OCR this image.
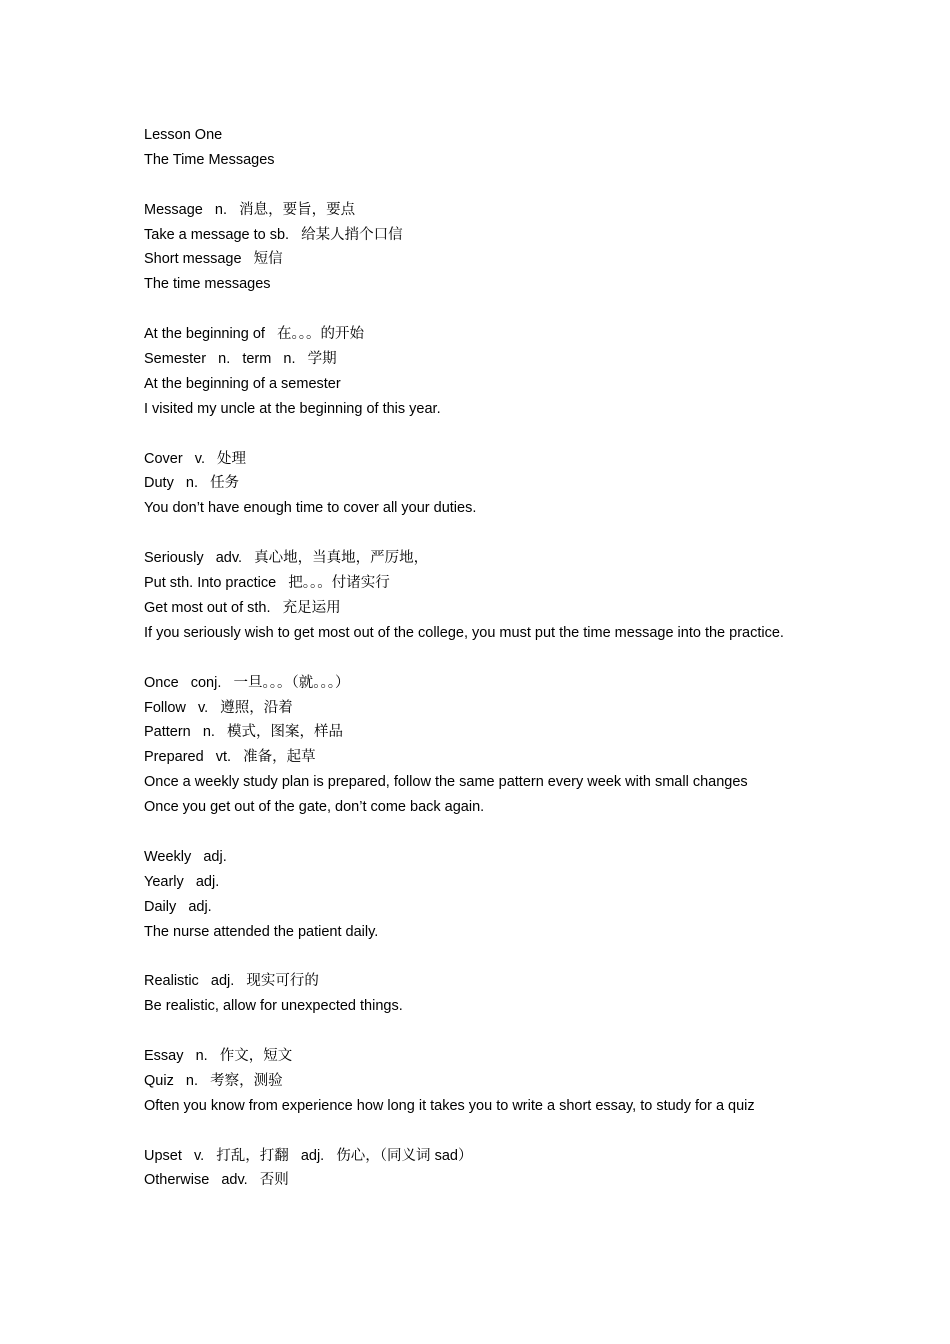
Lesson One
The Time Messages
Message   n.   消息，要旨，要点
Take a message to sb.   给某人捎个口信
Short message   短信
The time messages
At the beginning of   在。。。的开始
Semester   n.   term   n.   学期
At the beginning of a semester
I visited my uncle at the beginning of this year.
Cover   v.   处理
Duty   n.   任务
You don’t have enough time to cover all your duties.
Seriously   adv.   真心地，当真地，严厉地，
Put sth. Into practice   把。。。付诸实行
Get most out of sth.   充足运用
If you seriously wish to get most out of the college, you must put the time message into the practice.
Once   conj.   一旦。。。（就。。。）
Follow   v.   遵照，沿着
Pattern   n.   模式，图案，样品
Prepared   vt.   准备，起草
Once a weekly study plan is prepared, follow the same pattern every week with small changes
Once you get out of the gate, don’t come back again.
Weekly   adj.
Yearly   adj.
Daily   adj.
The nurse attended the patient daily.
Realistic   adj.   现实可行的
Be realistic, allow for unexpected things.
Essay   n.   作文，短文
Quiz   n.   考察，测验
Often you know from experience how long it takes you to write a short essay, to study for a quiz
Upset   v.   打乱，打翻   adj.   伤心，（同义词 sad）
Otherwise   adv.   否则
